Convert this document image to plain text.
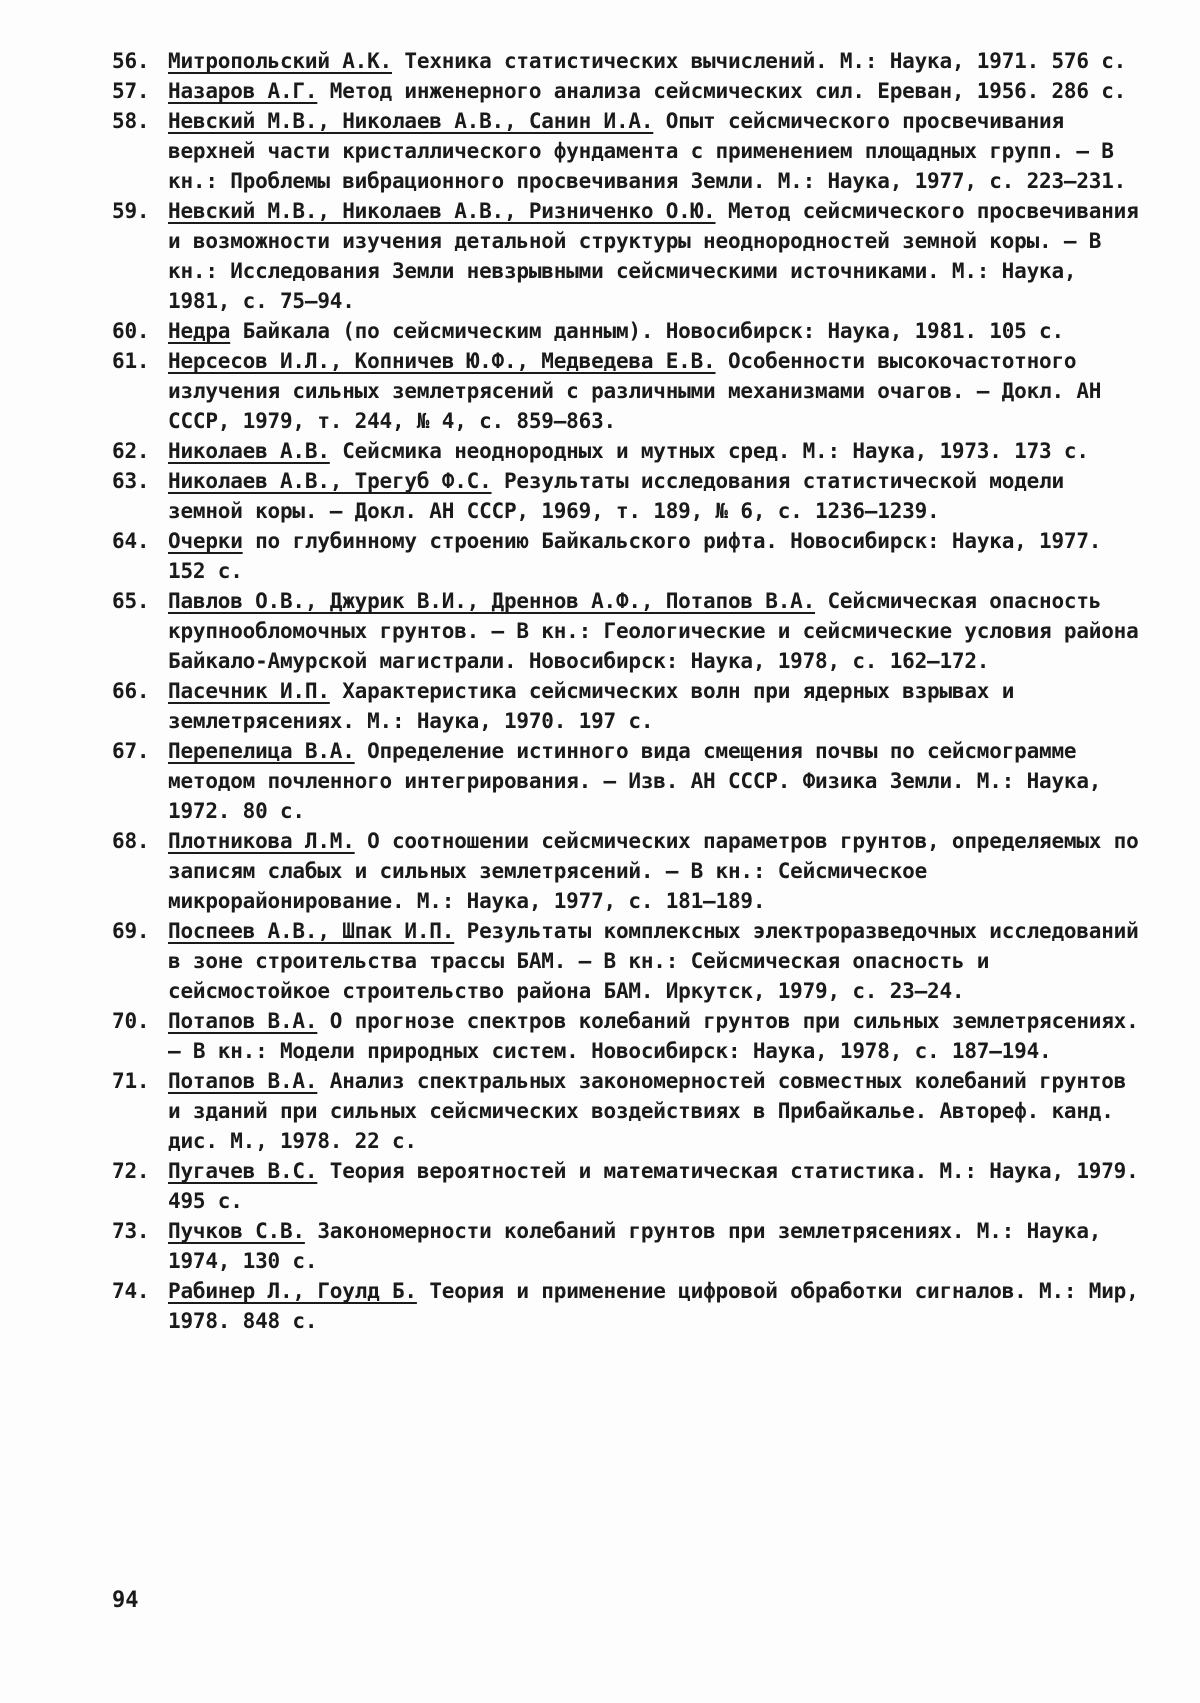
56. Митропольский А.К. Техника статистических вычислений. М.: Наука, 1971. 576 с.
57. Назаров А.Г. Метод инженерного анализа сейсмических сил. Ереван, 1956. 286 с.
58. Невский М.В., Николаев А.В., Санин И.А. Опыт сейсмического просвечивания верхней части кристаллического фундамента с применением площадных групп. – В кн.: Проблемы вибрационного просвечивания Земли. М.: Наука, 1977, с. 223–231.
59. Невский М.В., Николаев А.В., Ризниченко О.Ю. Метод сейсмического просвечивания и возможности изучения детальной структуры неоднородностей земной коры. – В кн.: Исследования Земли невзрывными сейсмическими источниками. М.: Наука, 1981, с. 75–94.
60. Недра Байкала (по сейсмическим данным). Новосибирск: Наука, 1981. 105 с.
61. Нерсесов И.Л., Копничев Ю.Ф., Медведева Е.В. Особенности высокочастотного излучения сильных землетрясений с различными механизмами очагов. – Докл. АН СССР, 1979, т. 244, № 4, с. 859–863.
62. Николаев А.В. Сейсмика неоднородных и мутных сред. М.: Наука, 1973. 173 с.
63. Николаев А.В., Трегуб Ф.С. Результаты исследования статистической модели земной коры. – Докл. АН СССР, 1969, т. 189, № 6, с. 1236–1239.
64. Очерки по глубинному строению Байкальского рифта. Новосибирск: Наука, 1977. 152 с.
65. Павлов О.В., Джурик В.И., Дреннов А.Ф., Потапов В.А. Сейсмическая опасность крупнообломочных грунтов. – В кн.: Геологические и сейсмические условия района Байкало-Амурской магистрали. Новосибирск: Наука, 1978, с. 162–172.
66. Пасечник И.П. Характеристика сейсмических волн при ядерных взрывах и землетрясениях. М.: Наука, 1970. 197 с.
67. Перепелица В.А. Определение истинного вида смещения почвы по сейсмограмме методом почленного интегрирования. – Изв. АН СССР. Физика Земли. М.: Наука, 1972. 80 с.
68. Плотникова Л.М. О соотношении сейсмических параметров грунтов, определяемых по записям слабых и сильных землетрясений. – В кн.: Сейсмическое микрорайонирование. М.: Наука, 1977, с. 181–189.
69. Поспеев А.В., Шпак И.П. Результаты комплексных электроразведочных исследований в зоне строительства трассы БАМ. – В кн.: Сейсмическая опасность и сейсмостойкое строительство района БАМ. Иркутск, 1979, с. 23–24.
70. Потапов В.А. О прогнозе спектров колебаний грунтов при сильных землетрясениях. – В кн.: Модели природных систем. Новосибирск: Наука, 1978, с. 187–194.
71. Потапов В.А. Анализ спектральных закономерностей совместных колебаний грунтов и зданий при сильных сейсмических воздействиях в Прибайкалье. Автореф. канд. дис. М., 1978. 22 с.
72. Пугачев В.С. Теория вероятностей и математическая статистика. М.: Наука, 1979. 495 с.
73. Пучков С.В. Закономерности колебаний грунтов при землетрясениях. М.: Наука, 1974, 130 с.
74. Рабинер Л., Гоулд Б. Теория и применение цифровой обработки сигналов. М.: Мир, 1978. 848 с.
94
